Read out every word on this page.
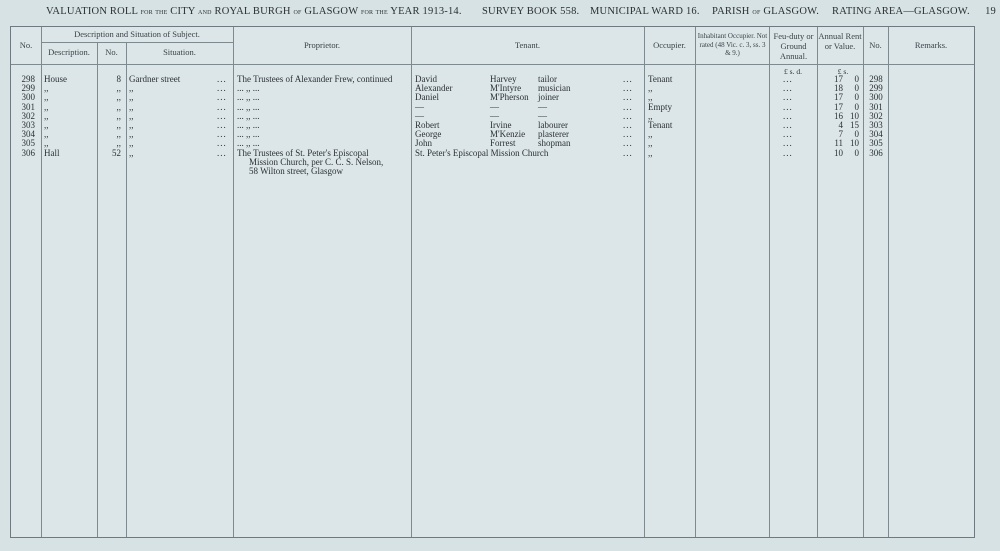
VALUATION ROLL for the CITY and ROYAL BURGH of GLASGOW for the YEAR 1913-14. SURVEY BOOK 558. MUNICIPAL WARD 16. PARISH of GLASGOW. RATING AREA—GLASGOW. 19
No.
Description and Situation of Subject.
Description.	No.	Situation.
Proprietor.	Tenant.	Occupier.
Inhabitant Occupier. Not rated (48 Vic. c. 3, ss. 3 & 9.)
Feu-duty or Ground Annual.
Annual Rent or Value.	No.	Remarks.
£ s. d.	£ s.
298 House	8 Gardner street	...	The Trustees of Alexander Frew, continued	David	Harvey	tailor	...	Tenant	...	17	0	298
299 ,,	,, ,,	...	... ,, ...	Alexander	M'Intyre	musician	...	,,	...	18	0	299
300 ,,	,, ,,	...	... ,, ...	Daniel	M'Pherson	joiner	...	,,	...	17	0	300
301 ,,	,, ,,	...	... ,, ...	—	—	—	...	Empty	...	17	0	301
302 ,,	,, ,,	...	... ,, ...	—	—	—	...	,,	...	16 10	302
303 ,,	,, ,,	...	... ,, ...	Robert	Irvine	labourer	...	Tenant	...	4 15	303
304 ,,	,, ,,	...	... ,, ...	George	M'Kenzie	plasterer	...	,,	...	7	0	304
305 ,,	,, ,,	...	... ,, ...	John	Forrest	shopman	...	,,	...	11 10	305
306 Hall	52 ,,	...	The Trustees of St. Peter's Episcopal	St. Peter's Episcopal Mission Church	...	,,	...	10	0	306
Mission Church, per C. C. S. Nelson,
58 Wilton street, Glasgow
